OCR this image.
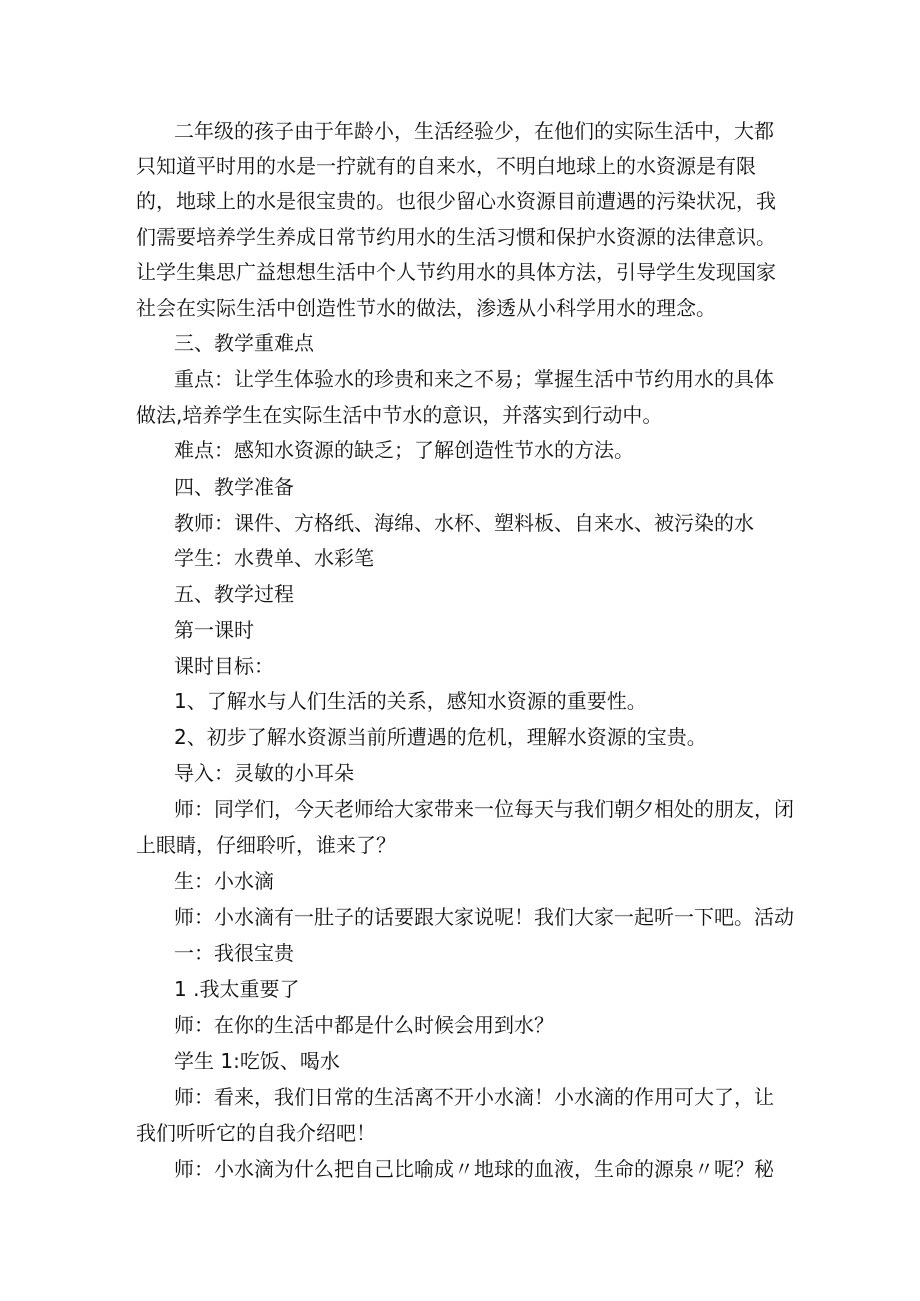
二年级的孩子由于年龄小，生活经验少，在他们的实际生活中，大都
只知道平时用的水是一拧就有的自来水，不明白地球上的水资源是有限
的，地球上的水是很宝贵的。也很少留心水资源目前遭遇的污染状况，我
们需要培养学生养成日常节约用水的生活习惯和保护水资源的法律意识。
让学生集思广益想想生活中个人节约用水的具体方法，引导学生发现国家
社会在实际生活中创造性节水的做法，渗透从小科学用水的理念。
三、教学重难点
重点：让学生体验水的珍贵和来之不易；掌握生活中节约用水的具体
做法,培养学生在实际生活中节水的意识，并落实到行动中。
难点：感知水资源的缺乏；了解创造性节水的方法。
四、教学准备
教师：课件、方格纸、海绵、水杯、塑料板、自来水、被污染的水
学生：水费单、水彩笔
五、教学过程
第一课时
课时目标：
1、了解水与人们生活的关系，感知水资源的重要性。
2、初步了解水资源当前所遭遇的危机，理解水资源的宝贵。
导入：灵敏的小耳朵
师：同学们，今天老师给大家带来一位每天与我们朝夕相处的朋友，闭
上眼睛，仔细聆听，谁来了？
生：小水滴
师：小水滴有一肚子的话要跟大家说呢！我们大家一起听一下吧。活动
一：我很宝贵
1 .我太重要了
师：在你的生活中都是什么时候会用到水？
学生 1:吃饭、喝水
师：看来，我们日常的生活离不开小水滴！小水滴的作用可大了，让
我们听听它的自我介绍吧！
师：小水滴为什么把自己比喻成〃地球的血液，生命的源泉〃呢？秘
